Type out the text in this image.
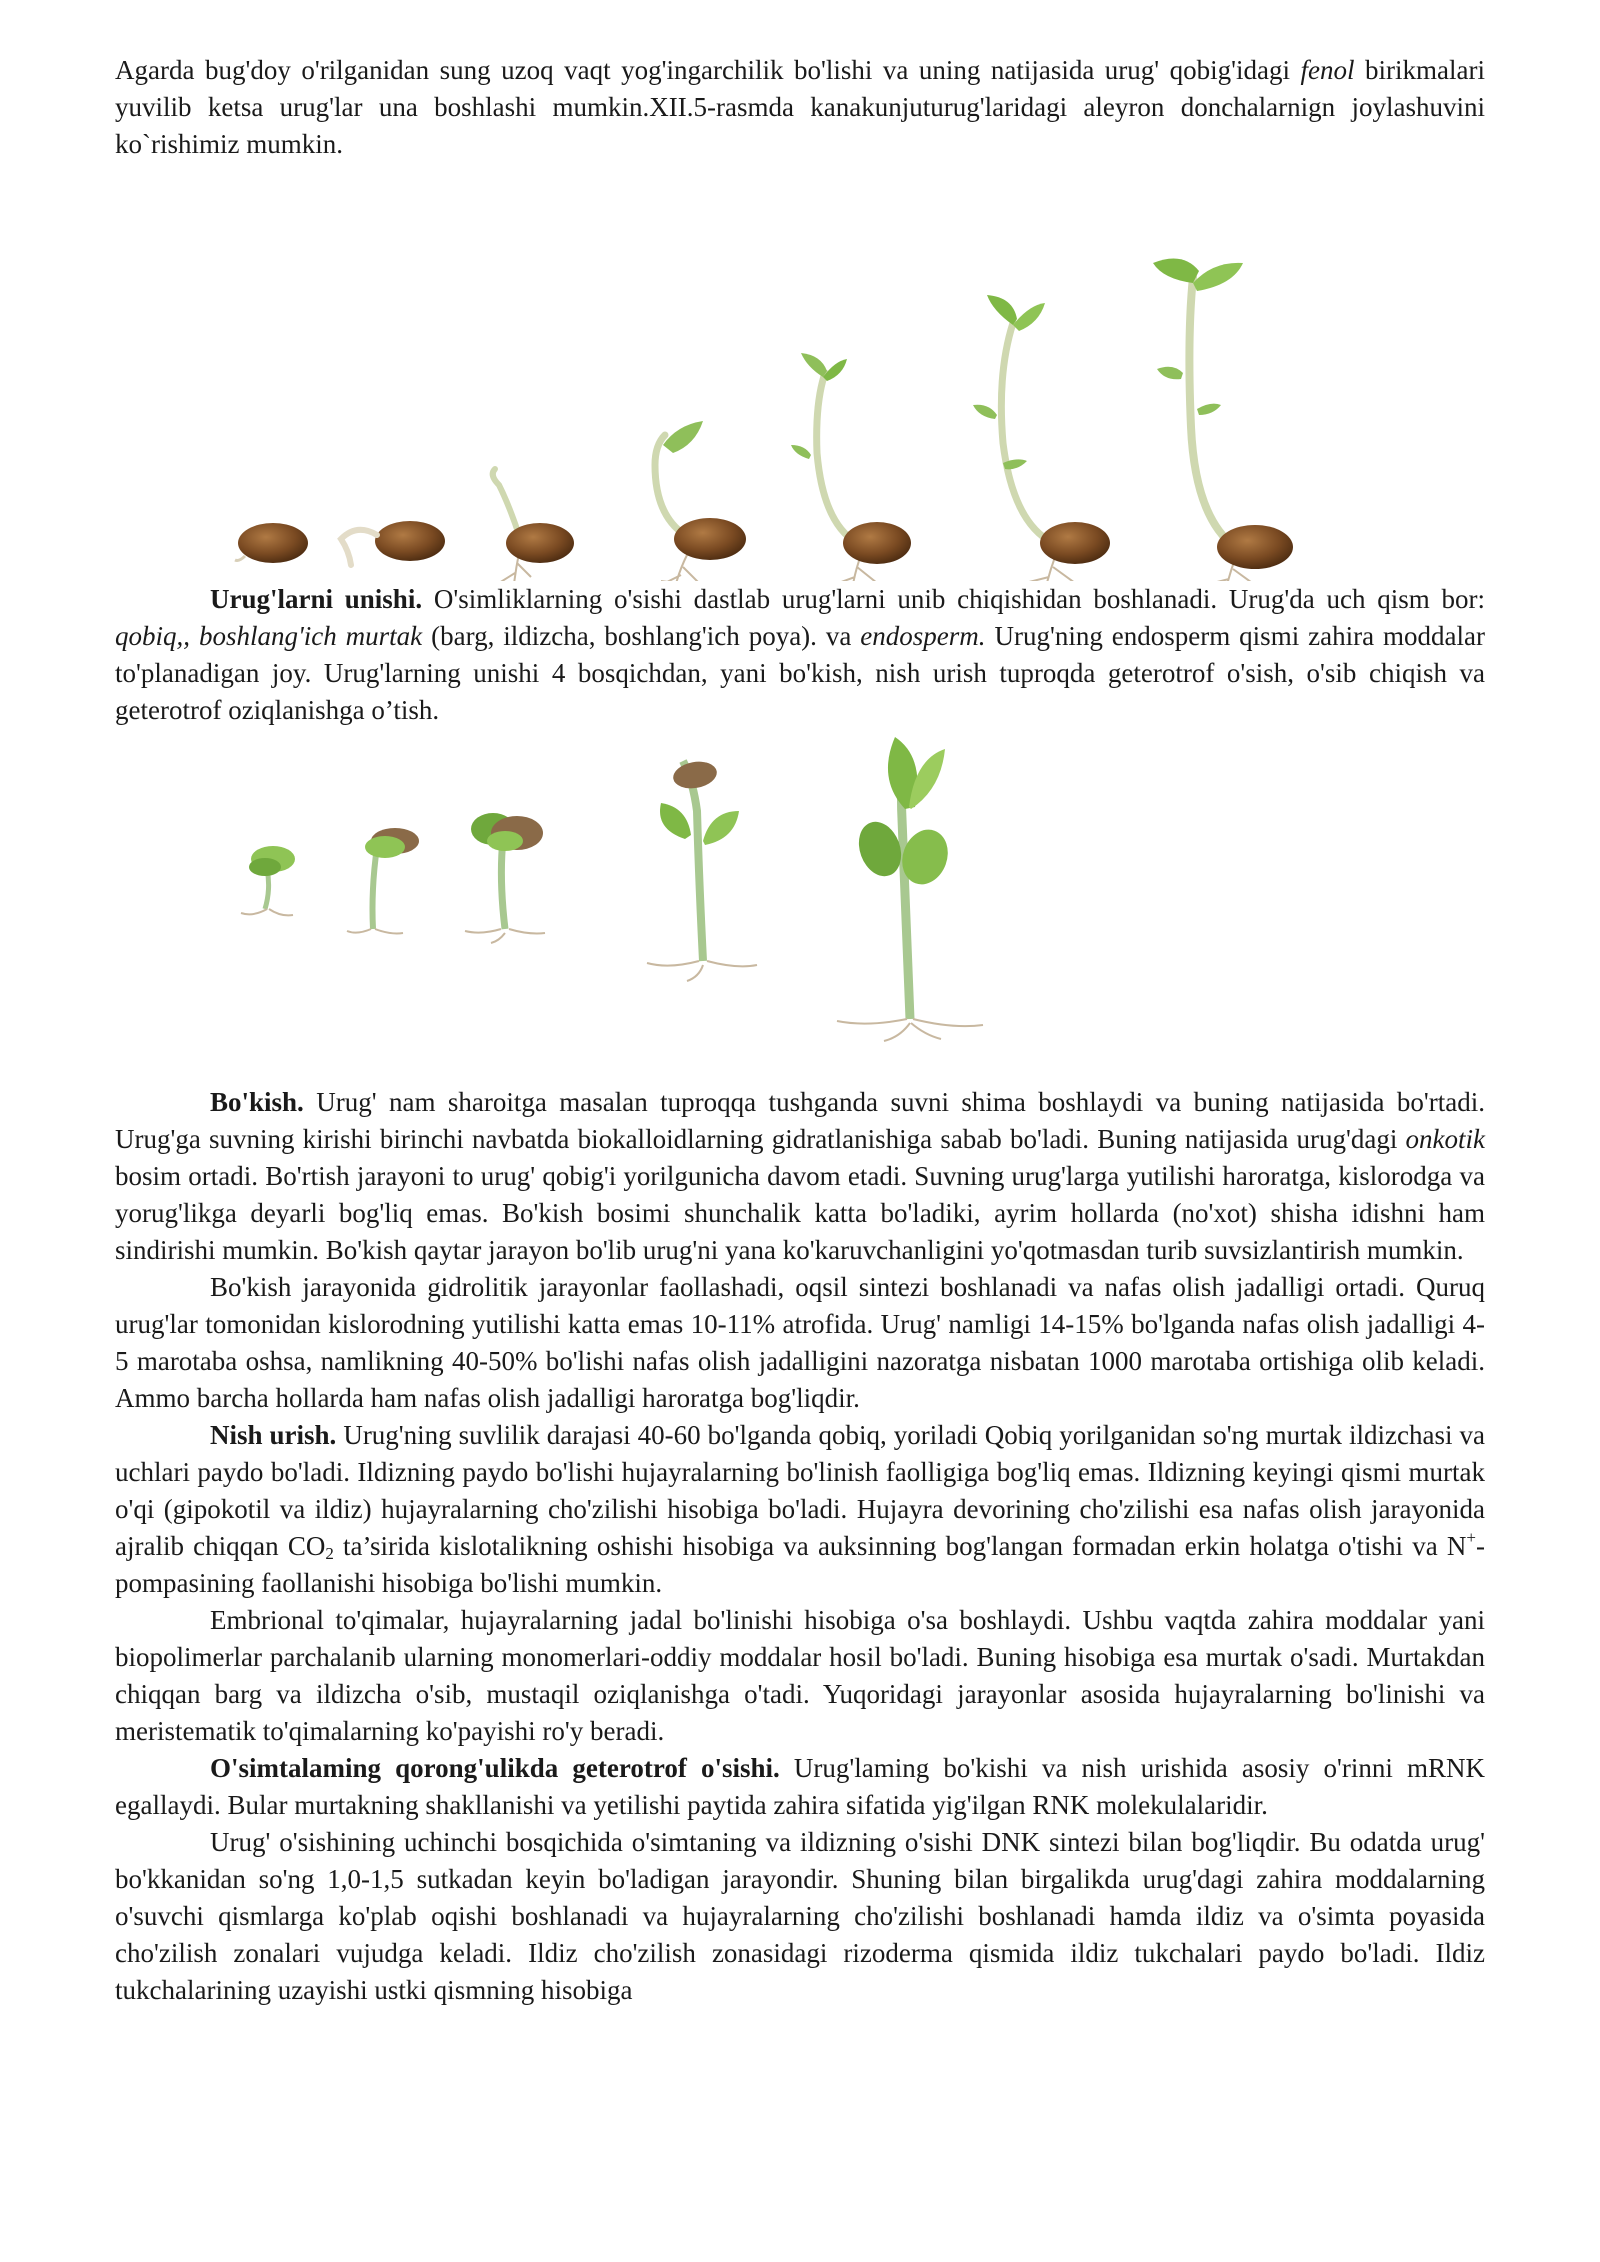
Agarda bug'doy o'rilganidan sung uzoq vaqt yog'ingarchilik bo'lishi va uning natijasida urug' qobig'idagi fenol birikmalari yuvilib ketsa urug'lar una boshlashi mumkin.XII.5-rasmda kanakunjuturug'laridagi aleyron donchalarnign joylashuvini ko`rishimiz mumkin.

Urug'larni unishi. O'simliklarning o'sishi dastlab urug'larni unib chiqishidan boshlanadi. Urug'da uch qism bor: qobiq,, boshlang'ich murtak (barg, ildizcha, boshlang'ich poya). va endosperm. Urug'ning endosperm qismi zahira moddalar to'planadigan joy. Urug'larning unishi 4 bosqichdan, yani bo'kish, nish urish tuproqda geterotrof o'sish, o'sib chiqish va geterotrof oziqlanishga o’tish.

Bo'kish. Urug' nam sharoitga masalan tuproqqa tushganda suvni shima boshlaydi va buning natijasida bo'rtadi. Urug'ga suvning kirishi birinchi navbatda biokalloidlarning gidratlanishiga sabab bo'ladi. Buning natijasida urug'dagi onkotik bosim ortadi. Bo'rtish jarayoni to urug' qobig'i yorilgunicha davom etadi. Suvning urug'larga yutilishi haroratga, kislorodga va yorug'likga deyarli bog'liq emas. Bo'kish bosimi shunchalik katta bo'ladiki, ayrim hollarda (no'xot) shisha idishni ham sindirishi mumkin. Bo'kish qaytar jarayon bo'lib urug'ni yana ko'karuvchanligini yo'qotmasdan turib suvsizlantirish mumkin.

Bo'kish jarayonida gidrolitik jarayonlar faollashadi, oqsil sintezi boshlanadi va nafas olish jadalligi ortadi. Quruq urug'lar tomonidan kislorodning yutilishi katta emas 10-11% atrofida. Urug' namligi 14-15% bo'lganda nafas olish jadalligi 4-5 marotaba oshsa, namlikning 40-50% bo'lishi nafas olish jadalligini nazoratga nisbatan 1000 marotaba ortishiga olib keladi. Ammo barcha hollarda ham nafas olish jadalligi haroratga bog'liqdir.

Nish urish. Urug'ning suvlilik darajasi 40-60 bo'lganda qobiq, yoriladi Qobiq yorilganidan so'ng murtak ildizchasi va uchlari paydo bo'ladi. Ildizning paydo bo'lishi hujayralarning bo'linish faolligiga bog'liq emas. Ildizning keyingi qismi murtak o'qi (gipokotil va ildiz) hujayralarning cho'zilishi hisobiga bo'ladi. Hujayra devorining cho'zilishi esa nafas olish jarayonida ajralib chiqqan $CO_2$ ta’sirida kislotalikning oshishi hisobiga va auksinning bog'langan formadan erkin holatga o'tishi va N+-pompasining faollanishi hisobiga bo'lishi mumkin.

Embrional to'qimalar, hujayralarning jadal bo'linishi hisobiga o'sa boshlaydi. Ushbu vaqtda zahira moddalar yani biopolimerlar parchalanib ularning monomerlari-oddiy moddalar hosil bo'ladi. Buning hisobiga esa murtak o'sadi. Murtakdan chiqqan barg va ildizcha o'sib, mustaqil oziqlanishga o'tadi. Yuqoridagi jarayonlar asosida hujayralarning bo'linishi va meristematik to'qimalarning ko'payishi ro'y beradi.

O'simtalaming qorong'ulikda geterotrof o'sishi. Urug'laming bo'kishi va nish urishida asosiy o'rinni mRNK egallaydi. Bular murtakning shakllanishi va yetilishi paytida zahira sifatida yig'ilgan RNK molekulalaridir.

Urug' o'sishining uchinchi bosqichida o'simtaning va ildizning o'sishi DNK sintezi bilan bog'liqdir. Bu odatda urug' bo'kkanidan so'ng 1,0-1,5 sutkadan keyin bo'ladigan jarayondir. Shuning bilan birgalikda urug'dagi zahira moddalarning o'suvchi qismlarga ko'plab oqishi boshlanadi va hujayralarning cho'zilishi boshlanadi hamda ildiz va o'simta poyasida cho'zilish zonalari vujudga keladi. Ildiz cho'zilish zonasidagi rizoderma qismida ildiz tukchalari paydo bo'ladi. Ildiz tukchalarining uzayishi ustki qismning hisobiga
